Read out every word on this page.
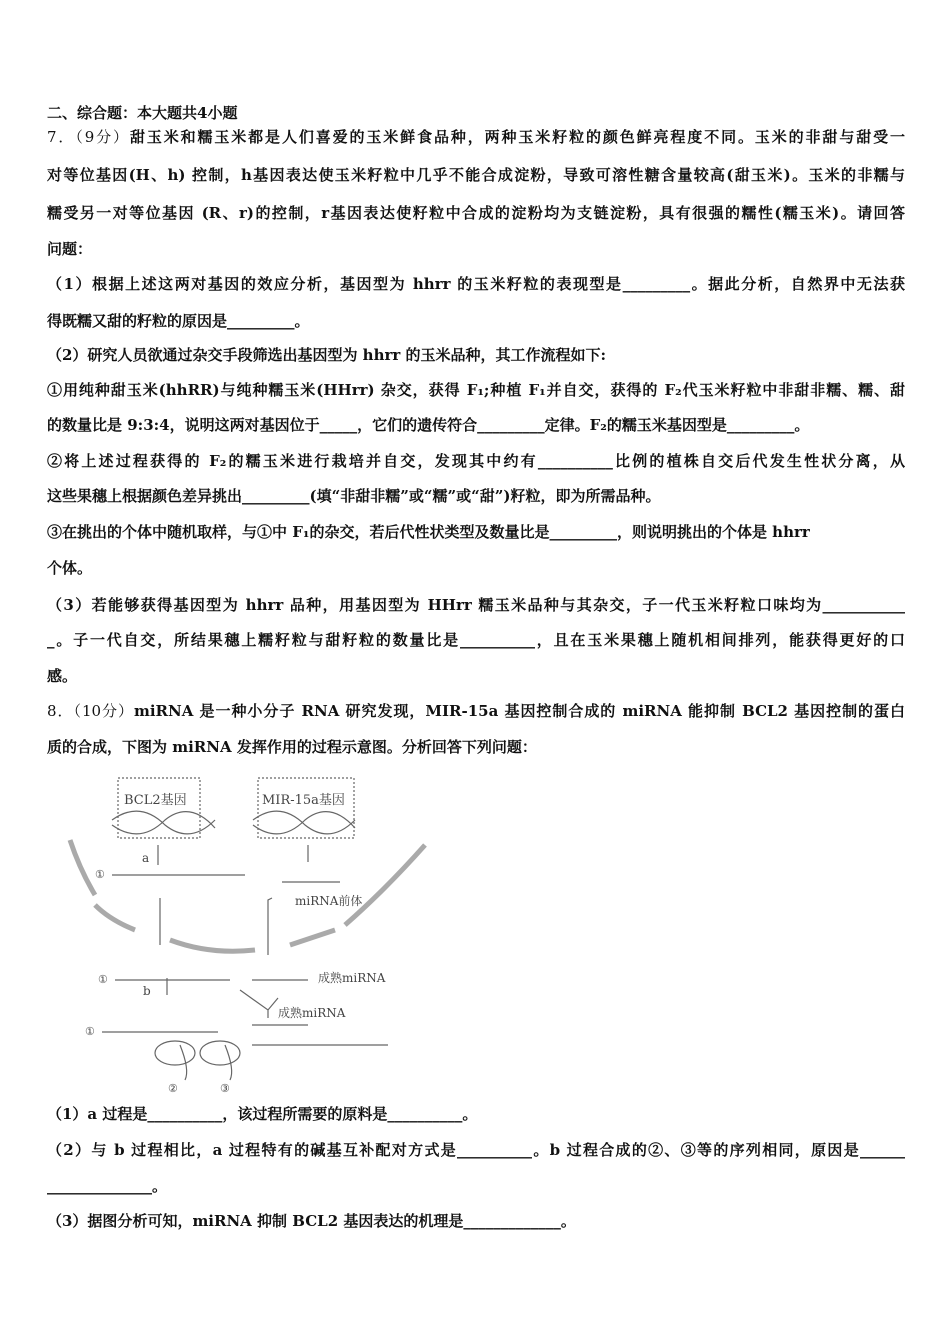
二、综合题：本大题共4小题
7．（9分）甜玉米和糯玉米都是人们喜爱的玉米鲜食品种，两种玉米籽粒的颜色鲜亮程度不同。玉米的非甜与甜受一
对等位基因(H、h) 控制，h基因表达使玉米籽粒中几乎不能合成淀粉，导致可溶性糖含量较高(甜玉米)。玉米的非糯与
糯受另一对等位基因 (R、r)的控制，r基因表达使籽粒中合成的淀粉均为支链淀粉，具有很强的糯性(糯玉米)。请回答
问题：
（1）根据上述这两对基因的效应分析，基因型为 hhrr 的玉米籽粒的表现型是_________。据此分析，自然界中无法获
得既糯又甜的籽粒的原因是_________。
（2）研究人员欲通过杂交手段筛选出基因型为 hhrr 的玉米品种，其工作流程如下:
①用纯种甜玉米(hhRR)与纯种糯玉米(HHrr) 杂交，获得 F₁;种植 F₁并自交，获得的 F₂代玉米籽粒中非甜非糯、糯、甜
的数量比是 9:3:4，说明这两对基因位于_____，它们的遗传符合_________定律。F₂的糯玉米基因型是_________。
②将上述过程获得的 F₂的糯玉米进行栽培并自交，发现其中约有__________比例的植株自交后代发生性状分离，从
这些果穗上根据颜色差异挑出_________(填“非甜非糯”或“糯”或“甜”)籽粒，即为所需品种。
③在挑出的个体中随机取样，与①中 F₁的杂交，若后代性状类型及数量比是_________，则说明挑出的个体是 hhrr
个体。
（3）若能够获得基因型为 hhrr 品种，用基因型为 HHrr 糯玉米品种与其杂交，子一代玉米籽粒口味均为___________
_。子一代自交，所结果穗上糯籽粒与甜籽粒的数量比是__________，且在玉米果穗上随机相间排列，能获得更好的口
感。
8．（10分）miRNA 是一种小分子 RNA 研究发现，MIR-15a 基因控制合成的 miRNA 能抑制 BCL2 基因控制的蛋白
质的合成，下图为 miRNA 发挥作用的过程示意图。分析回答下列问题：
BCL2基因	MIR-15a基因
a
b
①
①
①
②	③
miRNA前体
成熟miRNA
成熟miRNA
（1）a 过程是__________，该过程所需要的原料是__________。
（2）与 b 过程相比，a 过程特有的碱基互补配对方式是__________。b 过程合成的②、③等的序列相同，原因是______
______________。
（3）据图分析可知，miRNA 抑制 BCL2 基因表达的机理是_____________。
